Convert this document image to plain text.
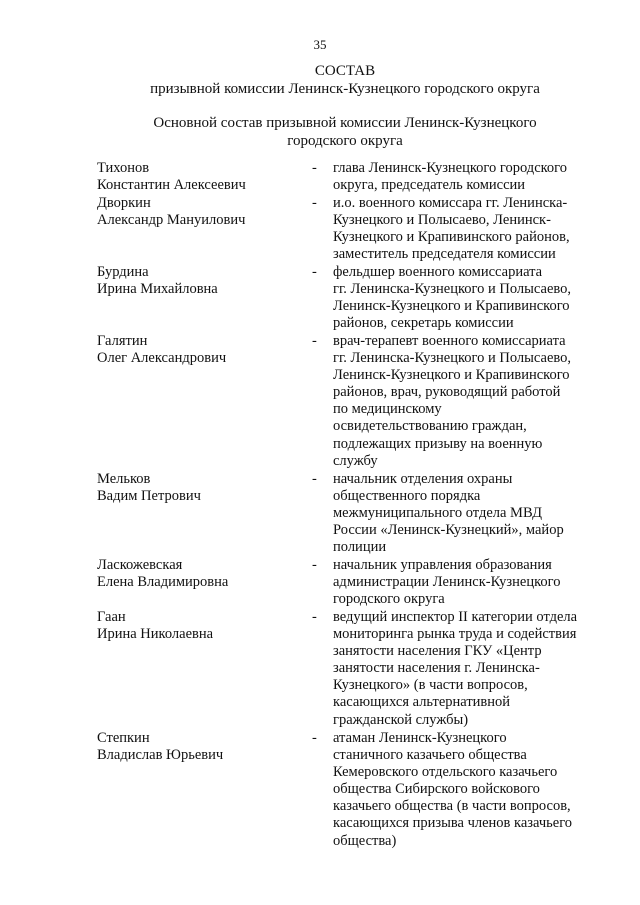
35
СОСТАВ
призывной комиссии Ленинск-Кузнецкого городского округа
Основной состав призывной комиссии Ленинск-Кузнецкого
городского округа
Тихонов
Константин Алексеевич
-	глава Ленинск-Кузнецкого городского
округа, председатель комиссии
Дворкин
Александр Мануилович
-	и.о. военного комиссара гг. Ленинска-
Кузнецкого и Полысаево, Ленинск-
Кузнецкого и Крапивинского районов,
заместитель председателя комиссии
Бурдина
Ирина Михайловна
-	фельдшер военного комиссариата
гг. Ленинска-Кузнецкого и Полысаево,
Ленинск-Кузнецкого и Крапивинского
районов, секретарь комиссии
Галятин
Олег Александрович
-	врач-терапевт военного комиссариата
гг. Ленинска-Кузнецкого и Полысаево,
Ленинск-Кузнецкого и Крапивинского
районов, врач, руководящий работой
по медицинскому
освидетельствованию граждан,
подлежащих призыву на военную
службу
Мельков
Вадим Петрович
-	начальник отделения охраны
общественного порядка
межмуниципального отдела МВД
России «Ленинск-Кузнецкий», майор
полиции
Ласкожевская
Елена Владимировна
-	начальник управления образования
администрации Ленинск-Кузнецкого
городского округа
Гаан
Ирина Николаевна
-	ведущий инспектор II категории отдела
мониторинга рынка труда и содействия
занятости населения ГКУ «Центр
занятости населения г. Ленинска-
Кузнецкого» (в части вопросов,
касающихся альтернативной
гражданской службы)
Степкин
Владислав Юрьевич
-	атаман Ленинск-Кузнецкого
станичного казачьего общества
Кемеровского отдельского казачьего
общества Сибирского войскового
казачьего общества (в части вопросов,
касающихся призыва членов казачьего
общества)
